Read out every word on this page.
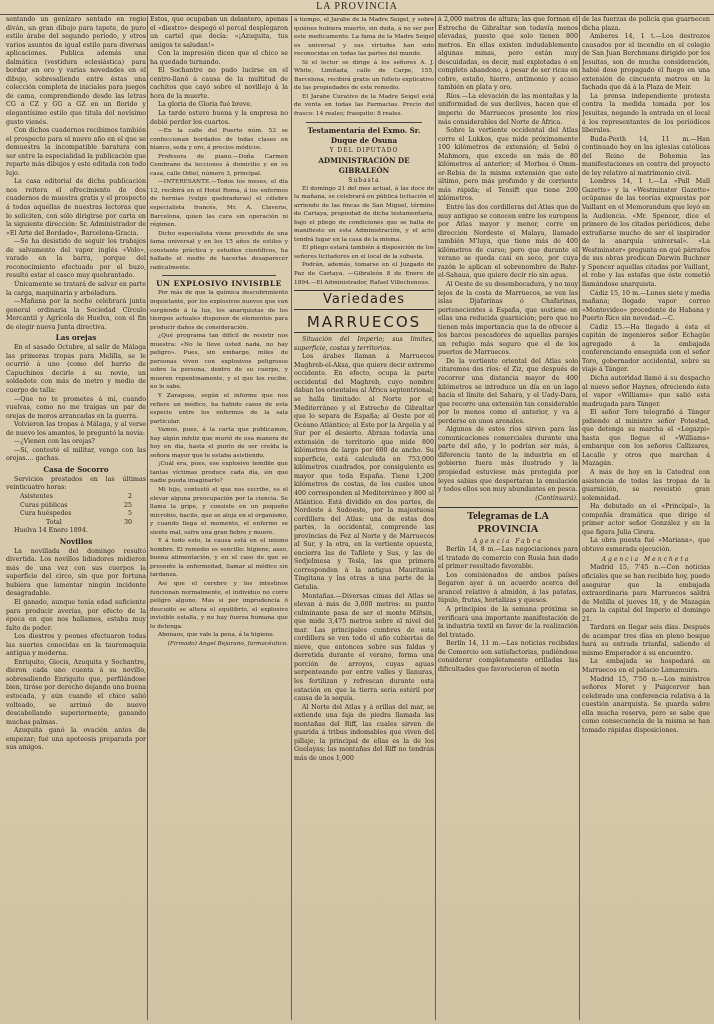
LA PROVINCIA

sentando un genizaro sentado en regio diván, un gran dibujo para tapete, de puro estilo árabe del segundo período, y otros varios asuntos de igual estilo para diversas aplicaciones. Publica además una dalmática (vestidura eclesiástica) para bordar en oro y varias novedades en el dibujo, sobresaliendo entre éstas una colección completa de iniciales para juegos de cama, comprendiendo desde las letras CG a CZ y GG a GZ en un florido y elegantísimo estilo que titula del novísimo gusto vienés.

Con dichos cuadernos recibimos también el prospecto para el nuevo año en el que se demuestra la incompatible baratura con ser entre la especialidad la publicación que reparte más dibujos y este editada con todo lujo.

La casa editorial de dicha publicación nos reitera el ofrecimiento de dos cuadernos de muestra gratis y el prospecto á todas aquellas de nuestras lectoras que lo soliciten, con sólo dirigirse por carta en la siguiente dirección: Sr. Administrador de «El Arte del Bordado», Barcelona-Gracia.

—Se ha desistido de seguir los trabajos de salvamento del vapor inglés «Volo», varado en la barra, porque del reconocimiento efectuado por el buzo, resultó estar el casco muy quebrantado.

Únicamente se tratará de salvar en parte la carga, maquinaria y arboladura.

—Mañana por la noche celebrará junta general ordinaria la Sociedad Círculo Mercantil y Agrícola de Huelva, con el fin de elegir nueva Junta directiva.

Las orejas

En el sasado Octubre, al salir de Málaga las primeras tropas para Melilla, se le ocurrió á uno (como del barrio de Capuchinos decirle á su novio, un soldadote con más de metro y medio de cuerpo de talla:

—Que no te prometes á mí, cuando vuelvas, como no me traigas un par de orejas de moros arrancadas en la guerra.

Volvieron las tropas á Málaga, y al verse de nuevo los amantes, le preguntó la novia:

—¿Vienen con las orejas?

—Sí, contestó el militar, vengo con las orejas.... gachas.

Casa de Socorro

Servicios prestados en las últimas veinticuatro horas:

Asistentes	2
Curas públicas	25
Cura huéspedes	5
Total	30

Huelva 14 Enero 1894.

Novillos

La novillada del domingo resultó divertida. Los novillos lidiadores midieron más de una vez con sus cuerpos la superficie del circo, sin que por fortuna hubiera que lamentar ningún incidente desagradable.

El ganado, aunque tenía edad suficiente para producir averías, por efecto de la época en que nos hallamos, estaba muy falto de poder.

Los diestros y peones efectuaron todas las suertes conocidas en la tauromaquia antigua y moderna.

Enriquito, Giocis, Azuquita y Sochantre, dieron cada uno cuenta á su novillo, sobresaliendo Enriquito que, perfilándose bien, tiróse por derecho dejando una buena estocada, y aún cuando el chico salió volteado, se arrimó de nuevo descabellando superiormente, ganando muchas palmas.

Azuquita ganó la ovación antes de empezar; fué una apoteosis preparada por sus amigos.

Estos, que ocupaban un delantero, apenas el «diestro» despegó el percal desplegaron un cartel que decía: «¡Azuquita, tus amigos te saludan!»

Con la impresión dicen que el chico se ha quedado turnando.

El Sochantre no pudo lucirse en el centro-llanó á causa de la multitud de cachitos que cayó sobre el novillejo á la hora de la muerte.

La gloria de Gloria fué breve.

La tarde estuvo buena y la empresa no debió perder los cuartos.

—En la calle del Puerto núm. 53 se confeccionan bordados de todas clases en blanco, seda y oro, á precios módicos.

Profesora de piano.—Doña Carmen Cembrano da lecciones á domicilio y en su casa, calle Odiel, número 3, principal.

—INTERESANTE.—Todos los meses, el día 12, recibirá en el Hotel Roma, á los enfermos de hernias (vulgo quebraduras) el célebre especialista francés, Mr. A. Claverie, Barcelona, quien las cura sin operación ni régimen.

Dicho especialista viene precedido de una fama universal y en los 15 años de estilos y constante práctica y estudios científicos, ha hallado el medio de hacerlas desaparecer radicalmente.

UN EXPLOSIVO INVISIBLE

Por más de que la química descubrimiento inquietante, por los explosivos nuevos que van surgiendo á la luz, los anarquistas de los tiempos actuales disponen de elementos para producir daños de consideración.

¿Qué programa tan difícil de resistir nos muestra: «No le lleve usted nada, no hay peligro». Pues, sin embargo, miles de personas viven con explosivos peligrosos sobre la persona, dentro de su cuerpo, y mueren repentinamente, y el que los recibe, no lo sabe.

Y Zaragoza, según el informe que nos refiere un médico, ha habido casos de esta especie entre los enfermos de la sala particular.

Vamos, pues, á la carta que publicamos, hay algún infeliz que murió de esa manera de hoy en día, hasta el punto de ser creída la señora mayor que le estaba asistiendo.

¡Cuál era, pues, ese explosivo temible que tantas víctimas produce cada día, sin que nadie pueda imaginarlo?

Mi hijo, contestó el que nos escribe, es el elevar alguna preocupación por la ciencia. Se llama la gripe, y consiste en un pequeño microbio, bacilo, que se aloja en el organismo, y cuando llega el momento, el enfermo se siente mal, sufre una gran fiebre y muere.

Y á todo esto, la causa está en el mismo hombre. El remedio es sencillo: higiene, aseo, buena alimentación, y en el caso de que se presente la enfermedad, llamar al médico sin tardanza.

Así que el cerebro y los intestinos funcionan normalmente, el individuo no corre peligro alguno. Mas si por imprudencia ó descuido se altera el equilibrio, el explosivo invisible estalla, y no hay fuerza humana que lo detenga.

Abonaos, que vale la pena, á la higiene.

(Firmado) Angel Bejarano, farmacéutico.

á tiempo, el Jarabe de la Madre Seigel, y sobre quiénes hubiera muerto, sin duda, á no ser por este medicamento. La fama de la Madre Seigel es universal y sus virtudes han sido reconocidas en todas las partes del mundo.

Si el lector se dirige á los señores A. J. White, Limitada, calle de Carpe, 155, Barcelona, recibirá gratis un folleto explicativo de las propiedades de este remedio.

El Jarabe Curativo de la Madre Seigel está de venta en todas las Farmacias. Precio del frasco: 14 reales; frasquito: 8 reales.

Testamentaría del Exmo. Sr. Duque de Osuna
Y DEL DIPUTADO
ADMINISTRACIÓN DE GIBRALEÓN
Subasta

El domingo 21 del mes actual, á las doce de la mañana, se celebrará en pública licitación el arriendo de las fincas de San Miguel, término de Cartaya, propiedad de dicha testamentaría, bajo el pliego de condiciones que se halla de manifiesto en esta Administración, y el acto tendrá lugar en la casa de la misma.

El pliego estará también á disposición de los señores licitadores en el local de la subasta.

Podrán, además, tomarse en el Juzgado de Paz de Cartaya. —Gibraleón 8 de Enero de 1894.—El Administrador, Rafael Villechenous.

Variedades
MARRUECOS

Situación del Imperio; sus límites, superficie, costas y territorios.

Los árabes llaman á Marruecos Maghreb-el-Aksa, que quiere decir extremo occidente. En efecto, ocupa la parte occidental del Maghreb, cuyo nombre daban los orientales al África septentrional; se halla limitado: al Norte por el Mediterráneo y el Estrecho de Gibraltar que lo separa de España; al Oeste por el Océano Atlántico; al Este por la Argelia y al Sur por el desierto. Abraza todavía una extensión de territorio que mide 800 kilómetros de largo por 600 de ancho. Su superficie, está calculada en 753,000 kilómetros cuadrados, por consiguiente es mayor que toda España. Tiene 1,200 kilómetros de costas, de los cuales unos 400 corresponden al Mediterráneo y 800 al Atlántico. Está dividido en dos partes, de Nordeste á Sudoeste, por la majestuosa cordillera del Atlas: una de estas dos partes, la occidental, comprende las provincias de Fez al Norte y de Marruecos al Sur, y la otra, en la vertiente opuesta, encierra las de Tafilete y Sus, y las de Sedjelmesa y Tesla, las que primera corresponden á la antigua Mauritania Tingitana y las otras a una parte de la Getulia.

Montañas.—Diversas cimas del Atlas se elevan á más de 3,000 metros: su punto culminante pasa de ser el monte Miltsin, que mide 3,475 metros sobre el nivel del mar. Las principales cumbres de esta cordillera se ven todo el año cubiertas de nieve, que entonces sobre sus faldas y derretida durante el verano, forma una porción de arroyos, cuyas aguas serpenteando por entre valles y llanuras, les fertilizan y refrescan durante esta estación en que la tierra seria estéril por causa de la sequía.

Al Norte del Atlas y á orillas del mar, se extiende una faja de piedra llamada las montañas del Riff, las cuales sirven de guarida á tribus indomables que viven del pillaje; la principal de ellas es la de los Guelayas; las montañas del Riff no tendrán más de unos 1,000

á 2,000 metros de altura; las que forman el Estrecho de Gibraltar son todavía menos elevadas, puesto que solo tienen 800 metros. En ellas existen indudablemente algunas minas, pero están muy descuidadas, es decir, mal explotadas ó en completo abandono, á pesar de ser ricas en cobre, estaño, hierro, antimonio y acaso también en plata y oro.

Ríos.—La elevación de las montañas y la uniformidad de sus declives, hacen que el imperio de Marruecos presente los ríos más considerables del Norte de África.

Sobre la vertiente occidental del Atlas corre el Lukkos, que mide próximamente 100 kilómetros de extensión; el Sebú ó Mahmora, que excede en más de 80 kilómetros al anterior; el Morbea ó Omm-er-Rebia de la misma extensión que este último, pero más profundo y de corriente más rápida; el Tensift que tiene 200 kilómetros.

Entre las dos cordilleras del Atlas que de muy antiguo se conocen entre los europeos por Atlas mayor y menor, corre en dirección Nordeste el Malaya, llamado también M'luya, que tiene más de 400 kilómetros de curso; pero que durante el verano se queda casi en seco, por cuya razón le aplican el sobrenombre de Bahr-el-Sahaua, que quiere decir río sin agua.

Al Oeste de su desembocadura, y no muy lejos de la costa de Marruecos, se ven las islas Djafarinas ó Chafarinas, pertenecientes á España, que sostiene en ellas una reducida guarnición; pero que no tienen más importancia que la de ofrecer á los barcos pescadores de aquellas parajes un refugio más seguro que el de los puertos de Marruecos.

De la vertiente oriental del Atlas solo citaremos dos ríos: el Ziz, que después de recorrer una distancia mayor de 400 kilómetros se introduce un día en un lago hacia el límite del Sahara, y el Uady-Dara, que recorre una extensión tan considerable por lo menos como el anterior, y va á perderse en unos arenales.

Algunos de estos ríos sirven para las comunicaciones comerciales durante una parte del año, y lo podrían ser más, á diferencia tanto de la industria en el gobierno fuera más ilustrado y la propiedad estuviese más protegida por leyes sabias que despertaran la emulación y todos ellos son muy abundantes en pesca.

(Continuará).

Telegramas de LA PROVINCIA
Agencia Fabra

Berlín 14, 8 m.—Las negociaciones para el tratado de comercio con Rusia han dado el primer resultado favorable.

Los comisionados de ambos países llegaron ayer á un acuerdo acerca del arancel relativo á almidón, á las patatas, lúpulo, frutas, hortalizas y quesos.

A principios de la semana próxima se verificará una importante manifestación de la industria textil en favor de la realización del tratado.

Berlín 14, 11 m.—Las noticias recibidas de Comercio son satisfactorias, pudiéndose considerar completamente orilladas las dificultades que favorecieron el motín

de las fuerzas de policía que guarnecen dicha plaza.

Amberes 14, 1 t.—Los destrozos causados por el incendio en el colegio de San Juan Berchmans dirigido por los Jesuitas, son de mucha consideración, habié dose propagado el fuego en una extensión de cincuenta metros en la fachada que dá á la Plaza de Meir.

La prensa independiente protesta contra la medida tomada por los Jesuitas, negando la entrada en el local á los representantes de los periódicos liberales.

Buda-Pesth 14, 11 m.—Han continuado hoy en las iglesias católicas del Reino de Bohemia las manifestaciones en contra del proyecto de ley relativo al matrimonio civil.

Londres 14, 1 t.—La «Pall Mall Gazette» y la «Westminster Gazette» ocúpanse de las teorías expuestas por Vaillant en el Memorandum que leyó en la Audiencia. «Mr. Spencer, dice el primero de los citados periódicos, debe extrañarse mucho de ser el inspirador de la anarquía universal». «La Westminster» pregunta en qué párrafos de sus obras predican Darwin Buchner y Spencer aquellas citadas por Vaillant, el robo y las estafas que éste cometió llamándose anarquista.

Cádiz 15, 10 m.—Lunes siete y media mañana; llegado vapor correo «Montevideo» procedente de Habana y Puerto Rico sin novedad.—C.

Cádiz 15.—Ha llegado á ésta el capitán de ingenieros señor Echagüe agregado á la embajada conferenciando enseguida con el señor Toro, gobernador accidental, sobre su viaje á Tánger.

Dicha autoridad llamó á su despacho al nuevo señor Haynes, ofreciendo éste el vapor «Williams» que salió esta madrugada para Tánger.

El señor Toro telegrafió á Tánger pidiendo al ministro señor Potestad, que detenga su marcha el «Legazpi» hasta que llegue el «Williams» embarque con los señores Callizares, Lacalle y otros que marchan á Mazagán.

A más de hoy en la Catedral con asistencia de todas las tropas de la guarnición, se reveistió gran solemnidad.

Ha debutado en el «Principal», la compañía dramática que dirige el primer actor señor González y en la que figura Julia Cirera.

La obra puesta fué «Mariana», que obtuvo esmerada ejecución.

Agencia Mencheta

Madrid 15, 7'45 n.—Con noticias oficiales que se han recibido hoy, puedo asegurar que la embajada extraordinaria para Marruecos saldrá de Melilla el jueves 18, y de Mazagán para la capital del Imperio el domingo 21.

Tardará en llegar seis días. Después de acampar tres días en pleno bosque hará su entrada triunfal, saliendo el mismo Emperador á su encuentro.

La embajada se hospedará en Marruecos en el palacio Lamamuira.

Madrid 15, 7'50 n.—Los ministros señores Moret y Puigcerver han celebrado una conferencia relativa á la cuestión anarquista. Se guarda sobre ella mucha reserva, pero se sabe que como consecuencia de la misma se han tomado rápidas disposiciones.
